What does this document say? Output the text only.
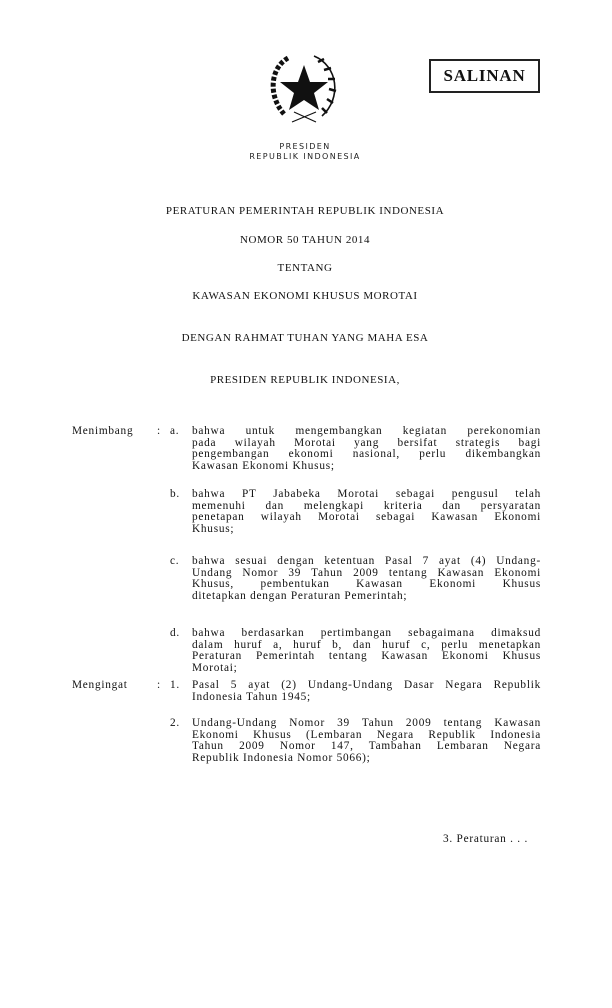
PRESIDEN
REPUBLIK INDONESIA
SALINAN
PERATURAN PEMERINTAH REPUBLIK INDONESIA
NOMOR 50 TAHUN 2014
TENTANG
KAWASAN EKONOMI KHUSUS MOROTAI
DENGAN RAHMAT TUHAN YANG MAHA ESA
PRESIDEN REPUBLIK INDONESIA,
Menimbang : a. bahwa untuk mengembangkan kegiatan perekonomian
pada wilayah Morotai yang bersifat strategis bagi
pengembangan ekonomi nasional, perlu dikembangkan
Kawasan Ekonomi Khusus;
b. bahwa PT Jababeka Morotai sebagai pengusul telah
memenuhi dan melengkapi kriteria dan persyaratan
penetapan wilayah Morotai sebagai Kawasan Ekonomi
Khusus;
c. bahwa sesuai dengan ketentuan Pasal 7 ayat (4) Undang-
Undang Nomor 39 Tahun 2009 tentang Kawasan Ekonomi
Khusus, pembentukan Kawasan Ekonomi Khusus
ditetapkan dengan Peraturan Pemerintah;
d. bahwa berdasarkan pertimbangan sebagaimana dimaksud
dalam huruf a, huruf b, dan huruf c, perlu menetapkan
Peraturan Pemerintah tentang Kawasan Ekonomi Khusus
Morotai;
Mengingat	: 1. Pasal 5 ayat (2) Undang-Undang Dasar Negara Republik
Indonesia Tahun 1945;
2. Undang-Undang Nomor 39 Tahun 2009 tentang Kawasan
Ekonomi Khusus (Lembaran Negara Republik Indonesia
Tahun 2009 Nomor 147, Tambahan Lembaran Negara
Republik Indonesia Nomor 5066);
3. Peraturan . . .
